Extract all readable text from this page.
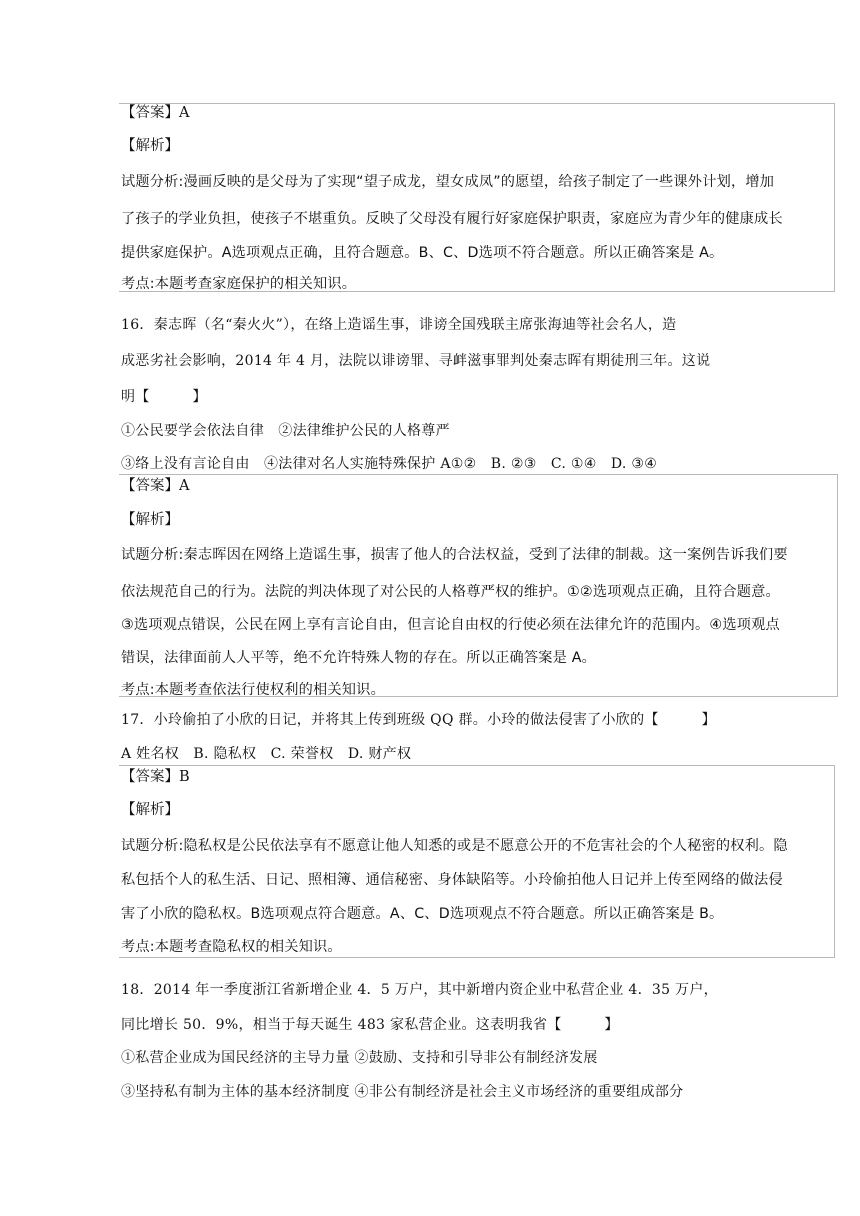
【答案】A
【解析】
试题分析:漫画反映的是父母为了实现“望子成龙，望女成凤”的愿望，给孩子制定了一些课外计划，增加
了孩子的学业负担，使孩子不堪重负。反映了父母没有履行好家庭保护职责，家庭应为青少年的健康成长
提供家庭保护。A选项观点正确，且符合题意。B、C、D选项不符合题意。所以正确答案是 A。
考点:本题考查家庭保护的相关知识。
16．秦志晖（名“秦火火”），在络上造谣生事，诽谤全国残联主席张海迪等社会名人，造
成恶劣社会影响，2014 年 4 月，法院以诽谤罪、寻衅滋事罪判处秦志晖有期徒刑三年。这说
明【　　　】
①公民要学会依法自律　②法律维护公民的人格尊严
③络上没有言论自由　④法律对名人实施特殊保护 A①②　B. ②③　C. ①④　D. ③④
【答案】A
【解析】
试题分析:秦志晖因在网络上造谣生事，损害了他人的合法权益，受到了法律的制裁。这一案例告诉我们要
依法规范自己的行为。法院的判决体现了对公民的人格尊严权的维护。①②选项观点正确，且符合题意。
③选项观点错误，公民在网上享有言论自由，但言论自由权的行使必须在法律允许的范围内。④选项观点
错误，法律面前人人平等，绝不允许特殊人物的存在。所以正确答案是 A。
考点:本题考查依法行使权利的相关知识。
17．小玲偷拍了小欣的日记，并将其上传到班级 QQ 群。小玲的做法侵害了小欣的【　　　】
A 姓名权　B. 隐私权　C. 荣誉权　D. 财产权
【答案】B
【解析】
试题分析:隐私权是公民依法享有不愿意让他人知悉的或是不愿意公开的不危害社会的个人秘密的权利。隐
私包括个人的私生活、日记、照相簿、通信秘密、身体缺陷等。小玲偷拍他人日记并上传至网络的做法侵
害了小欣的隐私权。B选项观点符合题意。A、C、D选项观点不符合题意。所以正确答案是 B。
考点:本题考查隐私权的相关知识。
18．2014 年一季度浙江省新增企业 4．5 万户，其中新增内资企业中私营企业 4．35 万户，
同比增长 50．9%，相当于每天诞生 483 家私营企业。这表明我省【　　　】
①私营企业成为国民经济的主导力量 ②鼓励、支持和引导非公有制经济发展
③坚持私有制为主体的基本经济制度 ④非公有制经济是社会主义市场经济的重要组成部分
